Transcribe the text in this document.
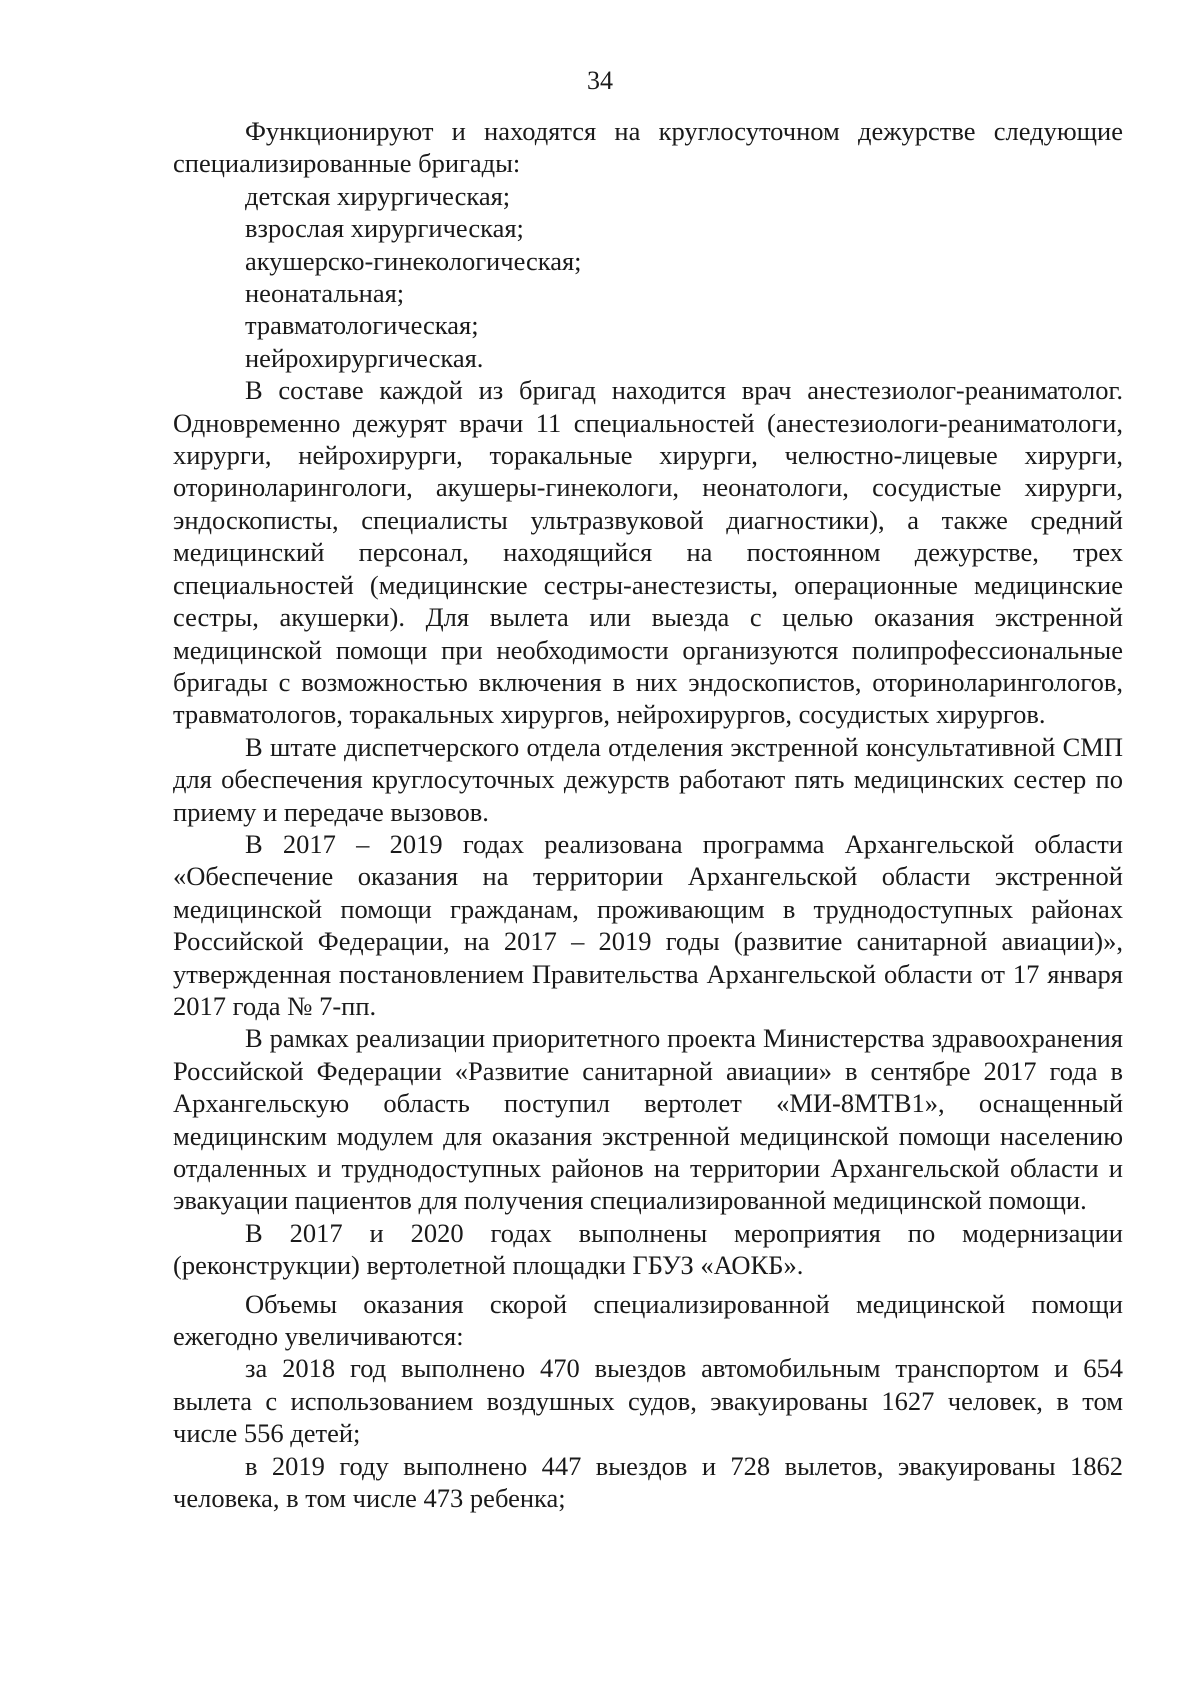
34

Функционируют и находятся на круглосуточном дежурстве следующие специализированные бригады:

детская хирургическая;

взрослая хирургическая;

акушерско-гинекологическая;

неонатальная;

травматологическая;

нейрохирургическая.

В составе каждой из бригад находится врач анестезиолог-реаниматолог. Одновременно дежурят врачи 11 специальностей (анестезиологи-реаниматологи, хирурги, нейрохирурги, торакальные хирурги, челюстно-лицевые хирурги, оториноларингологи, акушеры-гинекологи, неонатологи, сосудистые хирурги, эндоскописты, специалисты ультразвуковой диагностики), а также средний медицинский персонал, находящийся на постоянном дежурстве, трех специальностей (медицинские сестры-анестезисты, операционные медицинские сестры, акушерки). Для вылета или выезда с целью оказания экстренной медицинской помощи при необходимости организуются полипрофессиональные бригады с возможностью включения в них эндоскопистов, оториноларингологов, травматологов, торакальных хирургов, нейрохирургов, сосудистых хирургов.

В штате диспетчерского отдела отделения экстренной консультативной СМП для обеспечения круглосуточных дежурств работают пять медицинских сестер по приему и передаче вызовов.

В 2017 – 2019 годах реализована программа Архангельской области «Обеспечение оказания на территории Архангельской области экстренной медицинской помощи гражданам, проживающим в труднодоступных районах Российской Федерации, на 2017 – 2019 годы (развитие санитарной авиации)», утвержденная постановлением Правительства Архангельской области от 17 января 2017 года № 7-пп.

В рамках реализации приоритетного проекта Министерства здравоохранения Российской Федерации «Развитие санитарной авиации» в сентябре 2017 года в Архангельскую область поступил вертолет «МИ-8МТВ1», оснащенный медицинским модулем для оказания экстренной медицинской помощи населению отдаленных и труднодоступных районов на территории Архангельской области и эвакуации пациентов для получения специализированной медицинской помощи.

В 2017 и 2020 годах выполнены мероприятия по модернизации (реконструкции) вертолетной площадки ГБУЗ «АОКБ».

Объемы оказания скорой специализированной медицинской помощи ежегодно увеличиваются:

за 2018 год выполнено 470 выездов автомобильным транспортом и 654 вылета с использованием воздушных судов, эвакуированы 1627 человек, в том числе 556 детей;

в 2019 году выполнено 447 выездов и 728 вылетов, эвакуированы 1862 человека, в том числе 473 ребенка;
